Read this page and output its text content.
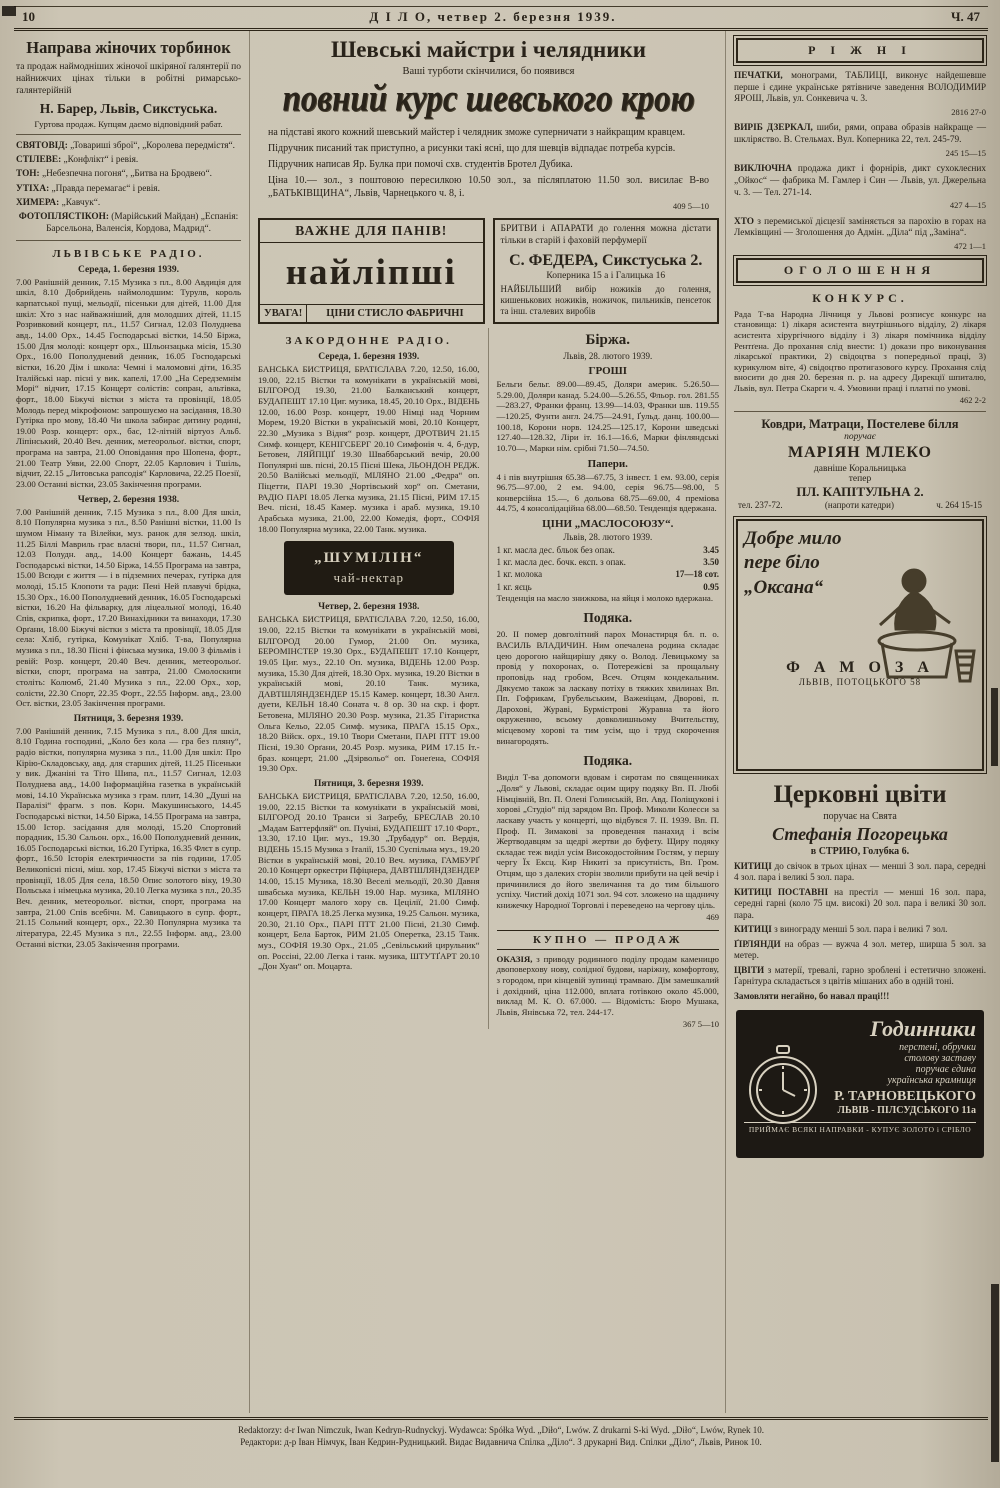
10	Д І Л О, четвер 2. березня 1939.	Ч. 47
Направа жіночих торбинок

та продаж наймодніших жіночої шкіряної ґалянтерії по найнижчих цінах тільки в робітні римарсько-ґалянтерійній

Н. Барер, Львів, Сикстуська.

Гуртова продаж. Купцям даємо відповідний рабат.

СВЯТОВІД: „Товариші зброї“, „Королева передмістя“.

СТІЛЕВЕ: „Конфлікт“ і ревія.

ТОН: „Небезпечна погоня“, „Битва на Бродвею“.

УТІХА: „Правда перемагає“ і ревія.

ХИМЕРА: „Кавчук“.

ФОТОПЛЯСТІКОН: (Марійський Майдан) „Еспанія: Барсельона, Валенсія, Кордова, Мадрид“.

ЛЬВІВСЬКЕ РАДІО.

Середа, 1. березня 1939.

7.00 Ранішній денник, 7.15 Музика з пл., 8.00 Авдиція для шкіл, 8.10 Добрийдень наймолодшим: Турулв, король карпатської пущі, мельодії, пісеньки для дітей, 11.00 Для шкіл: Хто з нас найважніший, для молодших дітей, 11.15 Розривковий концерт, пл., 11.57 Сигнал, 12.03 Полуднева авд., 14.00 Орх., 14.45 Господарські вістки, 14.50 Біржа, 15.00 Для молоді: концерт орх., Шльонзацька місія, 15.30 Орх., 16.00 Пополудневий денник, 16.05 Господарські вістки, 16.20 Дім і школа: Чемні і маломовні діти, 16.35 Італійські нар. пісні у вик. капелі, 17.00 „На Середземнім Морі“ відчит, 17.15 Концерт солістів: сопран, альтівка, форт., 18.00 Біжучі вістки з міста та провінції, 18.05 Молодь перед мікрофоном: запрошуємо на засідання, 18.30 Гутірка про мову, 18.40 Чи школа забирає дитину родині, 19.00 Розр. концерт: орх., бас, 12-літній віртуоз Альб. Ліпінський, 20.40 Веч. денник, метеорольоґ. вістки, спорт, програма на завтра, 21.00 Оповідання про Шопена, форт., 21.00 Театр Уяви, 22.00 Спорт, 22.05 Карлович і Тшіль, відчит, 22.15 „Литовська рапсодія“ Карловича, 22.25 Поезії, 23.00 Останні вістки, 23.05 Закінчення програми.

Четвер, 2. березня 1938.

7.00 Ранішній денник, 7.15 Музика з пл., 8.00 Для шкіл, 8.10 Популярна музика з пл., 8.50 Ранішні вістки, 11.00 Із шумом Німану та Вілейки, муз. ранок для зелзод. шкіл, 11.25 Біллі Мавриль грає власні твори, пл., 11.57 Сигнал, 12.03 Полудн. авд., 14.00 Концерт бажань, 14.45 Господарські вістки, 14.50 Біржа, 14.55 Програма на завтра, 15.00 Всюди є життя — і в підземних печерах, гутірка для молоді, 15.15 Клопоти та ради: Пені Ней плавучі брідка, 15.30 Орх., 16.00 Пополудневий денник, 16.05 Господарські вістки, 16.20 На фільварку, для ліцеальної молоді, 16.40 Спів, скрипка, форт., 17.20 Винахідники та винаходи, 17.30 Орґани, 18.00 Біжучі вістки з міста та провінції, 18.05 Для села: Хліб, гутірка, Комунікат Хліб. Т-ва, Популярна музика з пл., 18.30 Пісні і фінська музика, 19.00 З фільмів і ревій: Розр. концерт, 20.40 Веч. денник, метеорольоґ. вістки, спорт, програма на завтра, 21.00 Смолоскипи століть: Колюмб, 21.40 Музика з пл., 22.00 Орх., хор, солісти, 22.30 Спорт, 22.35 Форт., 22.55 Інформ. авд., 23.00 Ост. вістки, 23.05 Закінчення програми.

Пятниця, 3. березня 1939.

7.00 Ранішній денник, 7.15 Музика з пл., 8.00 Для шкіл, 8.10 Година господині, „Коло без кола — гра без пляну“, радіо вістки, популярна музика з пл., 11.00 Для шкіл: Про Кірію-Складовську, авд. для старших дітей, 11.25 Пісеньки у вик. Джаніні та Тіто Шипа, пл., 11.57 Сигнал, 12.03 Полуднева авд., 14.00 Інформаційна газетка в українській мові, 14.10 Українська музика з грам. плит, 14.30 „Душі на Паралізі“ фрагм. з пов. Корн. Макушинського, 14.45 Господарські вістки, 14.50 Біржа, 14.55 Програма на завтра, 15.00 Істор. засідання для молоді, 15.20 Спортовий порадник, 15.30 Сальон. орх., 16.00 Пополудневий денник, 16.05 Господарські вістки, 16.20 Гутірка, 16.35 Флєт в супр. форт., 16.50 Історія електричности за пів години, 17.05 Великопісні пісні, міш. хор, 17.45 Біжучі вістки з міста та провінції, 18.05 Для села, 18.50 Опис золотого віку, 19.30 Польська і німецька музика, 20.10 Легка музика з пл., 20.35 Веч. денник, метеорольоґ. вістки, спорт, програма на завтра, 21.00 Спів всебічн. М. Савицького в супр. форт., 21.15 Сольний концерт, орх., 22.30 Популярна музика та література, 22.45 Музика з пл., 22.55 Інформ. авд., 23.00 Останні вістки, 23.05 Закінчення програми.

Шевські майстри і челядники

Ваші турботи скінчилися, бо появився

повний курс шевського крою

на підставі якого кожний шевський майстер і челядник зможе суперничати з найкращим кравцем.

Підручник писаний так приступно, а рисунки такі ясні, що для шевців відпадає потреба курсів.

Підручник написав Яр. Булка при помочі схв. студентів Бротел Дубика.

Ціна 10.— зол., з поштовою пересилкою 10.50 зол., за післяплатою 11.50 зол. висилає В-во „БАТЬКІВЩИНА“, Львів, Чарнецького ч. 8, і.
409 5—10

ВАЖНЕ ДЛЯ ПАНІВ!
найліпші
УВАГА!	ЦІНИ СТИСЛО ФАБРИЧНІ

БРИТВИ і АПАРАТИ до голення можна дістати тільки в старій і фаховій перфумерії

С. ФЕДЕРА, Сикстуська 2.

Коперника 15 а і Галицька 16

НАЙБІЛЬШИЙ вибір ножиків до голення, кишенькових ножиків, ножичок, пильників, пенсеток та інш. сталевих виробів

ЗАКОРДОННЕ РАДІО.

Середа, 1. березня 1939.

БАНСЬКА БИСТРИЦЯ, БРАТІСЛАВА 7.20, 12.50, 16.00, 19.00, 22.15 Вістки та комунікати в українській мові, БІЛГОРОД 19.30, 21.00 Балканський концерт, БУДАПЕШТ 17.10 Циг. музика, 18.45, 20.10 Орх., ВІДЕНЬ 12.00, 16.00 Розр. концерт, 19.00 Німці над Чорним Морем, 19.20 Вістки в українській мові, 20.10 Концерт, 22.30 „Музика з Відня“ розр. концерт, ДРОТВИЧ 21.15 Симф. концерт, КЕНІГСБЕРГ 20.10 Симфонія ч. 4, б-дур, Бетовен, ЛЯЙПЦІҐ 19.30 Шваббарський вечір, 20.00 Популярні шв. пісні, 20.15 Пісні Шека, ЛЬОНДОН РЕДЖ. 20.50 Валійські мельодії, МІЛЯНО 21.00 „Федра“ оп. Піцетти, ПАРІ 19.30 „Чортівський хор“ оп. Сметани, РАДІО ПАРІ 18.05 Легка музика, 21.15 Пісні, РИМ 17.15 Веч. пісні, 18.45 Камер. музика і араб. музика, 19.10 Арабська музика, 21.00, 22.00 Комедія, форт., СОФІЯ 18.00 Популярна музика, 22.00 Танк. музика.

„ШУМІЛІН“
чай-нектар

Четвер, 2. березня 1938.

БАНСЬКА БИСТРИЦЯ, БРАТІСЛАВА 7.20, 12.50, 16.00, 19.00, 22.15 Вістки та комунікати в українській мові, БІЛГОРОД 20.00 Гумор, 21.00 Оп. музика, БЕРОМІНСТЕР 19.30 Орх., БУДАПЕШТ 17.10 Концерт, 19.05 Циг. муз., 22.10 Оп. музика, ВІДЕНЬ 12.00 Розр. музика, 15.30 Для дітей, 18.30 Орх. музика, 19.20 Вістки в українській мові, 20.10 Танк. музика, ДАВТШЛЯНДЗЕНДЕР 15.15 Камер. концерт, 18.30 Англ. дуети, КЕЛЬН 18.40 Соната ч. 8 ор. 30 на скр. і форт. Бетовена, МІЛЯНО 20.30 Розр. музика, 21.35 Гітаристка Ольга Кельо, 22.05 Симф. музика, ПРАГА 15.15 Орх., 18.20 Війск. орх., 19.10 Твори Сметани, ПАРІ ПТТ 19.00 Пісні, 19.30 Орґани, 20.45 Розр. музика, РИМ 17.15 Іт.-браз. концерт, 21.00 „Дзірвольо“ оп. Гонеґена, СОФІЯ 19.30 Орх.

Пятниця, 3. березня 1939.

БАНСЬКА БИСТРИЦЯ, БРАТІСЛАВА 7.20, 12.50, 16.00, 19.00, 22.15 Вістки та комунікати в українській мові, БІЛГОРОД 20.10 Транси зі Заґребу, БРЕСЛАВ 20.10 „Мадам Баттерфляй“ оп. Пучіні, БУДАПЕШТ 17.10 Форт., 13.30, 17.10 Циг. муз., 19.30 „Трубадур“ оп. Вердія, ВІДЕНЬ 15.15 Музика з Італії, 15.30 Суспільна муз., 19.20 Вістки в українській мові, 20.10 Веч. музика, ГАМБУРҐ 20.10 Концерт оркестри Пфіцнера, ДАВТШЛЯНДЗЕНДЕР 14.00, 15.15 Музика, 18.30 Веселі мельодії, 20.30 Давня швабська музика, КЕЛЬН 19.00 Нар. музика, МІЛЯНО 17.00 Концерт малого хору св. Цецілії, 21.00 Симф. концерт, ПРАГА 18.25 Легка музика, 19.25 Сальон. музика, 20.30, 21.10 Орх., ПАРІ ПТТ 21.00 Пісні, 21.30 Симф. концерт, Бела Барток, РИМ 21.05 Оперетка, 23.15 Танк. муз., СОФІЯ 19.30 Орх., 21.05 „Севільський цирульник“ оп. Россіні, 22.00 Легка і танк. музика, ШТУТҐАРТ 20.10 „Дон Хуан“ оп. Моцарта.

Біржа.

Львів, 28. лютого 1939.

ГРОШІ

Бельги бельг. 89.00—89.45, Доляри америк. 5.26.50—5.29.00, Доляри канад. 5.24.00—5.26.55, Фльор. гол. 281.55—283.27, Франки франц. 13.99—14.03, Франки шв. 119.55—120.25, Фунти англ. 24.75—24.91, Ґульд. данц. 100.00—100.18, Корони норв. 124.25—125.17, Корони шведські 127.40—128.32, Ліри іт. 16.1—16.6, Марки фінляндські 10.70—, Марки нім. срібні 71.50—74.50.

Папери.

4 і пів внутрішня 65.38—67.75, 3 інвест. 1 ем. 93.00, серія 96.75—97.00, 2 ем. 94.00, серія 96.75—98.00, 5 конверсійна 15.—, 6 дольова 68.75—69.00, 4 преміова 44.75, 4 консолідаційна 68.00—68.50. Тенденція вдержана.

ЦІНИ „МАСЛОСОЮЗУ“.

Львів, 28. лютого 1939.

1 кг. масла дес. бльок без опак.	3.45
1 кг. масла дес. бочк. експ. з опак.	3.50
1 кг. молока	17—18 сот.
1 кг. яєць	0.95

Тенденція на масло знижкова, на яйця і молоко вдержана.

Подяка.

20. II помер довголітний парох Монастирця бл. п. о. ВАСИЛЬ ВЛАДИЧИН. Ним опечалена родина складає цею дорогою найщирішу дяку о. Волод. Левицькому за провід у похоронах, о. Потережієві за прощальну проповідь над гробом, Всеч. Отцям кондекальним. Дякуємо також за ласкаву потіху в тяжких хвилинах Вп. Пп. Гофрикам, Грубельським, Важеніцам, Дворові, п. Дарохові, Жураві, Бурмістрові Журавна та його окруженню, всьому довколишньому Вчительству, місцевому хорові та тим усім, що і труд скорочення винагородять.

Подяка.

Виділ Т-ва допомоги вдовам і сиротам по священниках „Доля“ у Львові, складає оцим щиру подяку Вп. П. Любі Німцівній, Вп. П. Олені Голинській, Вп. Авд. Поліщукові і хорові „Студіо“ під зарядом Вп. Проф. Миколи Колесси за ласкаву участь у концерті, що відбувся 7. II. 1939. Вп. П. Проф. П. Зимакові за проведення панахид і всім Жертводавцям за щедрі жертви до буфету. Щиру подяку складає теж виділ усім Високодостойним Гостям, у першу чергу Їх Ексц. Кир Никиті за присутність, Вп. Гром. Отцям, що з далеких сторін зволили прибути на цей вечір і причинилися до його звеличання та до тим більшого успіху. Чистий дохід 1071 зол. 94 сот. зложено на щадничу книжечку Народної Торговлі і переведено на чергову ціль.

469
КУПНО — ПРОДАЖ

ОКАЗІЯ, з приводу родинного поділу продам каменицю двоповерхову нову, солідної будови, наріжну, комфортову, з городом, при кінцевій зупинці трамваю. Дім замешкалий і дохідний, ціна 112.000, вплата готівкою около 45.000, виклад М. К. О. 67.000. — Відомість: Бюро Мушака, Львів, Янівська 72, тел. 244-17.

367 5—10
Р І Ж Н І

ПЕЧАТКИ, монограми, ТАБЛИЦІ, виконує найдешевше перше і єдине українське рятівниче заведення ВОЛОДИМИР ЯРОШ, Львів, ул. Сонкевича ч. 3.
2816 27-0

ВИРІБ ДЗЕРКАЛ, шиби, рями, оправа образів найкраще — шкліряство. В. Стельмах. Вул. Коперника 22, тел. 245-79.
245 15—15

ВИКЛЮЧНА продажа дикт і форнірів, дикт сухоклеєних „Ойкос“ — фабрика М. Гамлер і Син — Львів, ул. Джерельна ч. 3. — Тел. 271-14.
427 4—15

ХТО з перемиської дієцезії заміняється за парохію в горах на Лемківщині — Зголошення до Адмін. „Діла“ під „Заміна“.
472 1—1

ОГОЛОШЕННЯ
КОНКУРС.

Рада Т-ва Народна Лічниця у Львові розписує конкурс на становища: 1) лікаря асистента внутрішнього відділу, 2) лікаря асистента хірургічного відділу і 3) лікаря помічника відділу Рентґена. До прохання слід внести: 1) докази про виконування лікарської практики, 2) свідоцтва з попередньої праці, 3) курикулюм віте, 4) свідоцтво протигазового курсу. Прохання слід вносити до дня 20. березня п. р. на адресу Дирекції шпиталю, Львів, вул. Петра Скарги ч. 4. Умовини праці і платні по умові.

462 2-2
Ковдри, Матраци, Постелеве білля
поручає
МАРІЯН МЛЕКО
давніше Коральницька
тепер
ПЛ. КАПІТУЛЬНА 2.
тел. 237-72.	(напроти катедри)	ч. 264 15-15
Добре мило
пере біло
„Оксана“
Ф А М О З А
ЛЬВІВ, ПОТОЦЬКОГО 58
Церковні цвіти

поручає на Свята

Стефанія Погорецька

в СТРИЮ, Голубка 6.

КИТИЦІ до свічок в трьох цінах — менші 3 зол. пара, середні 4 зол. пара і великі 5 зол. пара.

КИТИЦІ ПОСТАВНІ на престіл — менші 16 зол. пара, середні гарні (коло 75 цм. високі) 20 зол. пара і великі 30 зол. пара.

КИТИЦІ з винограду менші 5 зол. пара і великі 7 зол.

ҐІРЛЯНДИ на образ — вужча 4 зол. метер, ширша 5 зол. за метер.

ЦВІТИ з матерії, тревалі, гарно зроблені і естетично зложені. Ґарнітура складається з цвітів мішаних або в одній тоні.

Замовляти негайно, бо навал праці!!!

Годинники
перстені, обручки
столову заставу
поручає єдина
українська крамниця
Р. ТАРНОВЕЦЬКОГО
ЛЬВІВ - ПІЛСУДСЬКОГО 11а
ПРИЙМАЄ ВСЯКІ НАПРАВКИ - КУПУЄ ЗОЛОТО і СРІБЛО

Redaktorzy: d-r Iwan Nimczuk, Iwan Kedryn-Rudnyckyj. Wydawca: Spółka Wyd. „Diło“, Lwów. Z drukarni S-ki Wyd. „Diło“, Lwów, Rynek 10.

Редактори: д-р Іван Німчук, Іван Кедрин-Рудницький. Видає Видавнича Спілка „Діло“. З друкарні Вид. Спілки „Діло“, Львів, Ринок 10.
